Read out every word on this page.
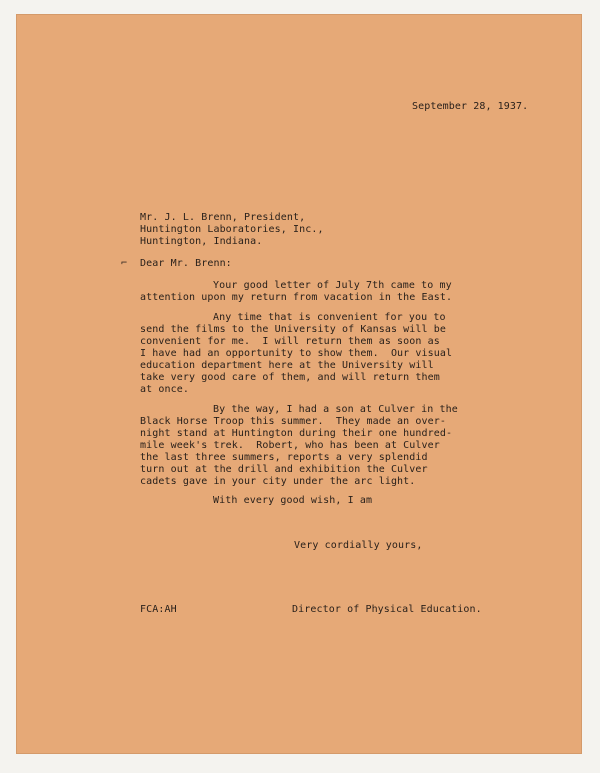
September 28, 1937.
Mr. J. L. Brenn, President,
Huntington Laboratories, Inc.,
Huntington, Indiana.
⌐ Dear Mr. Brenn:
Your good letter of July 7th came to my
attention upon my return from vacation in the East.
Any time that is convenient for you to
send the films to the University of Kansas will be
convenient for me.  I will return them as soon as
I have had an opportunity to show them.  Our visual
education department here at the University will
take very good care of them, and will return them
at once.
By the way, I had a son at Culver in the
Black Horse Troop this summer.  They made an over-
night stand at Huntington during their one hundred-
mile week's trek.  Robert, who has been at Culver
the last three summers, reports a very splendid
turn out at the drill and exhibition the Culver
cadets gave in your city under the arc light.
With every good wish, I am
Very cordially yours,
FCA:AH	Director of Physical Education.
